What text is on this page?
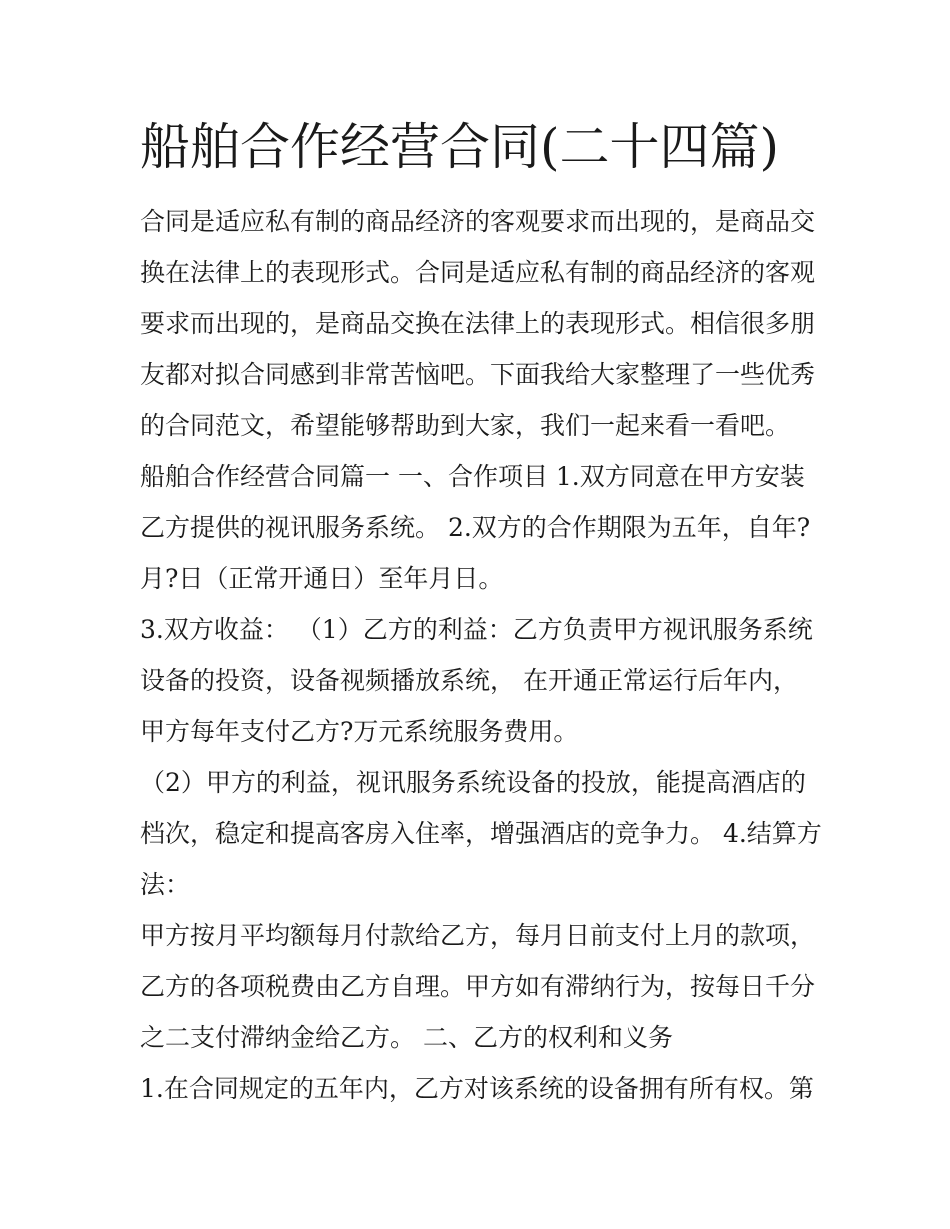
船舶合作经营合同(二十四篇)
合同是适应私有制的商品经济的客观要求而出现的，是商品交
换在法律上的表现形式。合同是适应私有制的商品经济的客观
要求而出现的，是商品交换在法律上的表现形式。相信很多朋
友都对拟合同感到非常苦恼吧。下面我给大家整理了一些优秀
的合同范文，希望能够帮助到大家，我们一起来看一看吧。
船舶合作经营合同篇一 一、合作项目 1.双方同意在甲方安装
乙方提供的视讯服务系统。 2.双方的合作期限为五年，自年?
月?日（正常开通日）至年月日。
3.双方收益： （1）乙方的利益：乙方负责甲方视讯服务系统
设备的投资，设备视频播放系统， 在开通正常运行后年内，
甲方每年支付乙方?万元系统服务费用。
（2）甲方的利益，视讯服务系统设备的投放，能提高酒店的
档次，稳定和提高客房入住率，增强酒店的竞争力。 4.结算方
法：
甲方按月平均额每月付款给乙方，每月日前支付上月的款项，
乙方的各项税费由乙方自理。甲方如有滞纳行为，按每日千分
之二支付滞纳金给乙方。 二、乙方的权利和义务
1.在合同规定的五年内，乙方对该系统的设备拥有所有权。第
